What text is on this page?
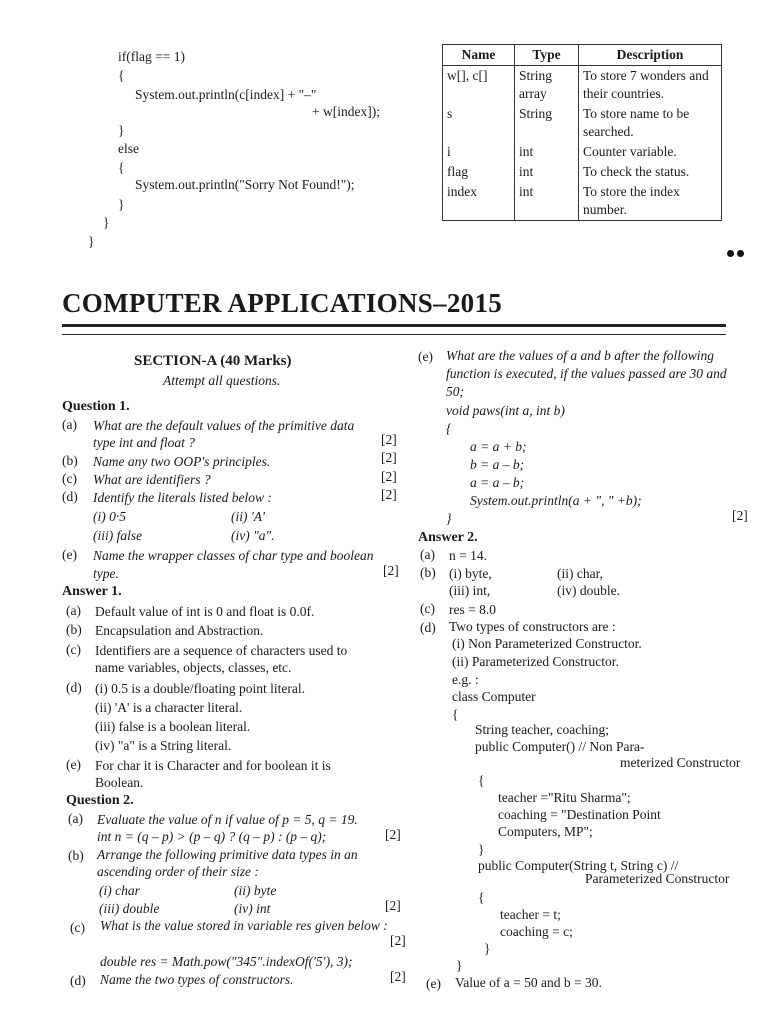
if(flag == 1)
{
System.out.println(c[index] + "–"
+ w[index]);
}
else
{
System.out.println("Sorry Not Found!");
}
}
}
Name	Type	Description
w[], c[]	String array	To store 7 wonders and their countries.
s	String	To store name to be searched.
i	int	Counter variable.
flag	int	To check the status.
index	int	To store the index number.
COMPUTER APPLICATIONS–2015
SECTION-A (40 Marks)
Attempt all questions.
Question 1.
(a) What are the default values of the primitive data
type int and float ?	[2]
(b) Name any two OOP's principles.	[2]
(c) What are identifiers ?	[2]
(d) Identify the literals listed below :	[2]
(i) 0·5	(ii) 'A'
(iii) false	(iv) "a".
(e) Name the wrapper classes of char type and boolean
type.	[2]
Answer 1.
(a) Default value of int is 0 and float is 0.0f.
(b) Encapsulation and Abstraction.
(c) Identifiers are a sequence of characters used to
name variables, objects, classes, etc.
(d) (i) 0.5 is a double/floating point literal.
(ii) 'A' is a character literal.
(iii) false is a boolean literal.
(iv) "a" is a String literal.
(e) For char it is Character and for boolean it is
Boolean.
Question 2.
(a) Evaluate the value of n if value of p = 5, q = 19.
int n = (q – p) > (p – q) ? (q – p) : (p – q);	[2]
(b) Arrange the following primitive data types in an
ascending order of their size :
(i) char	(ii) byte
(iii) double	(iv) int	[2]
(c) What is the value stored in variable res given below :
[2]
double res = Math.pow("345".indexOf('5'), 3);
(d) Name the two types of constructors.	[2]
(e) What are the values of a and b after the following
function is executed, if the values passed are 30 and
50;
void paws(int a, int b)
{
a = a + b;
b = a – b;
a = a – b;
System.out.println(a + ", " +b);
}	[2]
Answer 2.
(a) n = 14.
(b) (i) byte,	(ii) char,
(iii) int,	(iv) double.
(c) res = 8.0
(d) Two types of constructors are :
(i) Non Parameterized Constructor.
(ii) Parameterized Constructor.
e.g. :
class Computer
{
String teacher, coaching;
public Computer() // Non Para-
meterized Constructor
{
teacher ="Ritu Sharma";
coaching = "Destination Point
Computers, MP";
}
public Computer(String t, String c) //
Parameterized Constructor
{
teacher = t;
coaching = c;
}
}
(e) Value of a = 50 and b = 30.
